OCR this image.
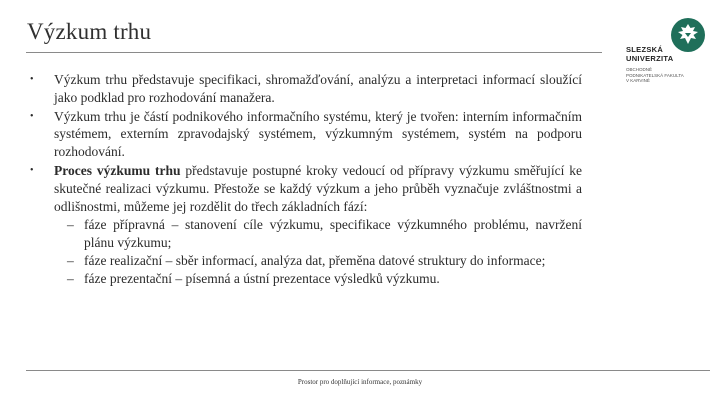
Výzkum trhu
SLEZSKÁ
UNIVERZITA
OBCHODNĚ PODNIKATELSKÁ FAKULTA V KARVINÉ
• Výzkum trhu představuje specifikaci, shromažďování, analýzu a interpretaci informací sloužící jako podklad pro rozhodování manažera.
• Výzkum trhu je částí podnikového informačního systému, který je tvořen: interním informačním systémem, externím zpravodajský systémem, výzkumným systémem, systém na podporu rozhodování.
• Proces výzkumu trhu představuje postupné kroky vedoucí od přípravy výzkumu směřující ke skutečné realizaci výzkumu. Přestože se každý výzkum a jeho průběh vyznačuje zvláštnostmi a odlišnostmi, můžeme jej rozdělit do třech základních fází:
– fáze přípravná – stanovení cíle výzkumu, specifikace výzkumného problému, navržení plánu výzkumu;
– fáze realizační – sběr informací, analýza dat, přeměna datové struktury do informace;
– fáze prezentační – písemná a ústní prezentace výsledků výzkumu.
Prostor pro doplňující informace, poznámky
